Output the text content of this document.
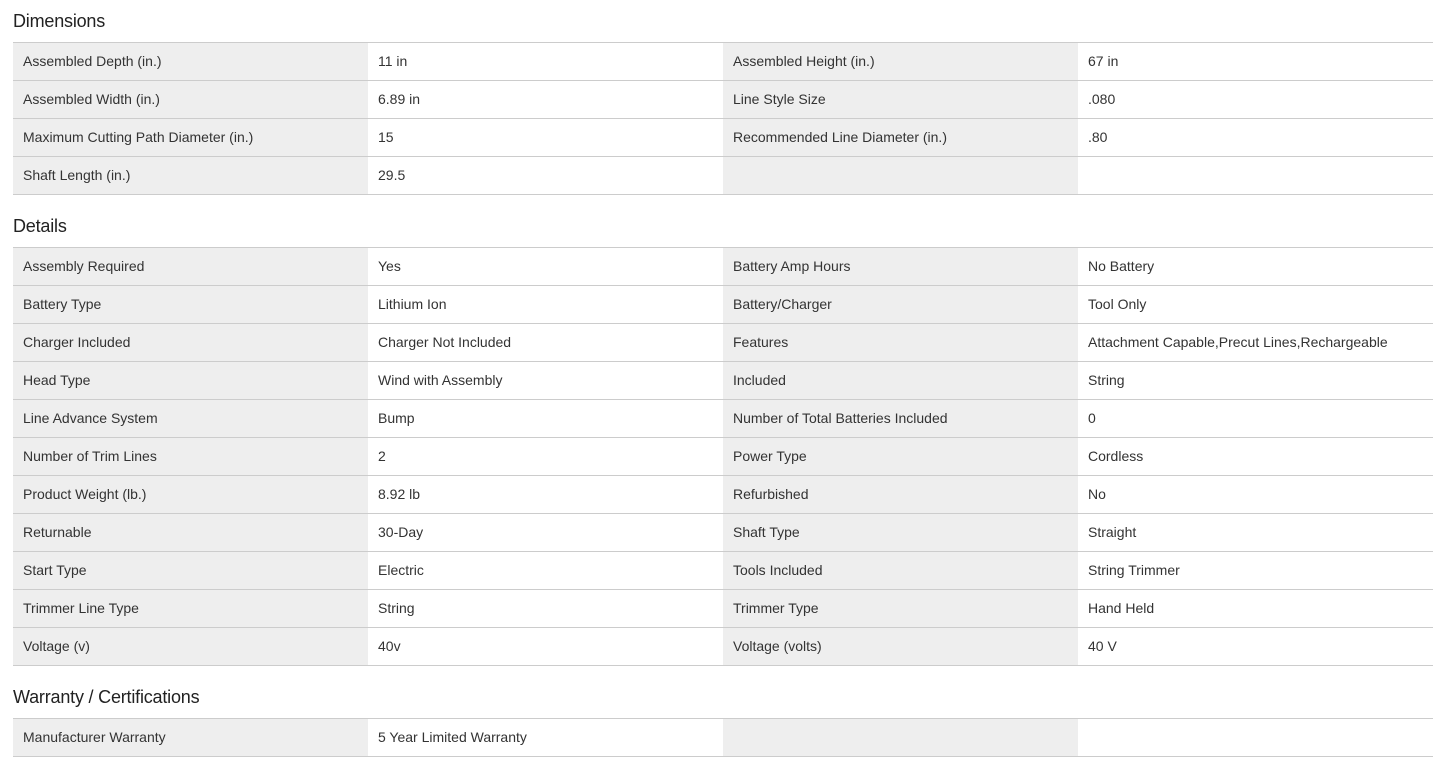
Dimensions
Assembled Depth (in.)	11 in	Assembled Height (in.)	67 in
Assembled Width (in.)	6.89 in	Line Style Size	.080
Maximum Cutting Path Diameter (in.)	15	Recommended Line Diameter (in.)	.80
Shaft Length (in.)	29.5
Details
Assembly Required	Yes	Battery Amp Hours	No Battery
Battery Type	Lithium Ion	Battery/Charger	Tool Only
Charger Included	Charger Not Included	Features	Attachment Capable,Precut Lines,Rechargeable
Head Type	Wind with Assembly	Included	String
Line Advance System	Bump	Number of Total Batteries Included	0
Number of Trim Lines	2	Power Type	Cordless
Product Weight (lb.)	8.92 lb	Refurbished	No
Returnable	30-Day	Shaft Type	Straight
Start Type	Electric	Tools Included	String Trimmer
Trimmer Line Type	String	Trimmer Type	Hand Held
Voltage (v)	40v	Voltage (volts)	40 V
Warranty / Certifications
Manufacturer Warranty	5 Year Limited Warranty
